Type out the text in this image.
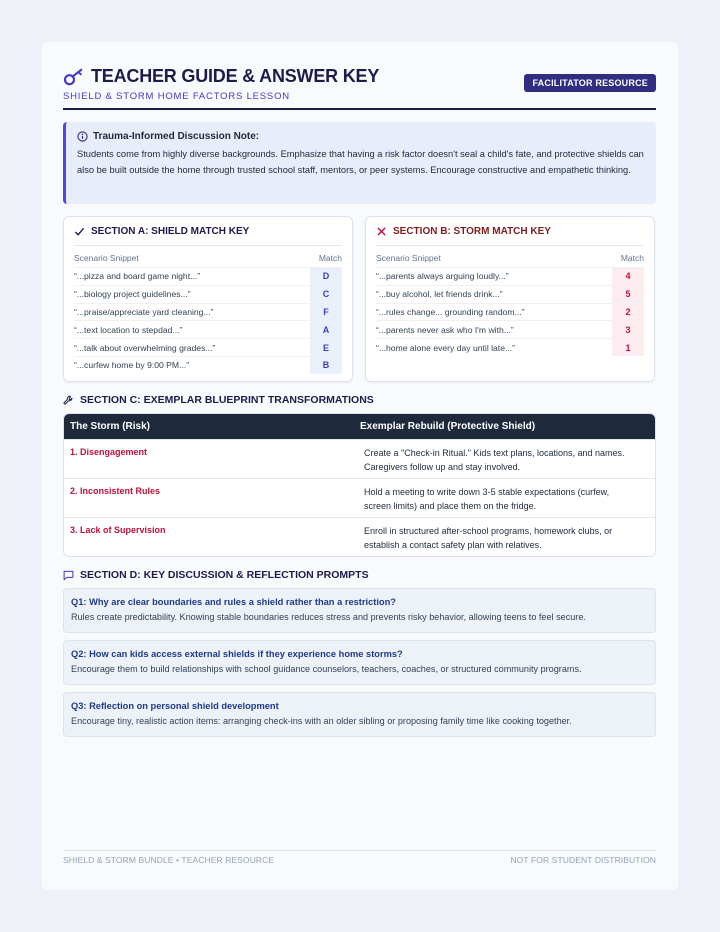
TEACHER GUIDE & ANSWER KEY
SHIELD & STORM HOME FACTORS LESSON
FACILITATOR RESOURCE
Trauma-Informed Discussion Note:
Students come from highly diverse backgrounds. Emphasize that having a risk factor doesn't seal a child's fate, and protective shields can also be built outside the home through trusted school staff, mentors, or peer systems. Encourage constructive and empathetic thinking.
SECTION A: SHIELD MATCH KEY
Scenario Snippet	Match
“...pizza and board game night...”	D
“...biology project guidelines...”	C
“...praise/appreciate yard cleaning...”	F
“...text location to stepdad...”	A
“...talk about overwhelming grades...”	E
“...curfew home by 9:00 PM...”	B
SECTION B: STORM MATCH KEY
Scenario Snippet	Match
“...parents always arguing loudly...”	4
“...buy alcohol, let friends drink...”	5
“...rules change... grounding random...”	2
“...parents never ask who I'm with...”	3
“...home alone every day until late...”	1
SECTION C: EXEMPLAR BLUEPRINT TRANSFORMATIONS
The Storm (Risk)	Exemplar Rebuild (Protective Shield)
1. Disengagement	Create a "Check-in Ritual." Kids text plans, locations, and names. Caregivers follow up and stay involved.
2. Inconsistent Rules	Hold a meeting to write down 3-5 stable expectations (curfew, screen limits) and place them on the fridge.
3. Lack of Supervision	Enroll in structured after-school programs, homework clubs, or establish a contact safety plan with relatives.
SECTION D: KEY DISCUSSION & REFLECTION PROMPTS
Q1: Why are clear boundaries and rules a shield rather than a restriction?
Rules create predictability. Knowing stable boundaries reduces stress and prevents risky behavior, allowing teens to feel secure.
Q2: How can kids access external shields if they experience home storms?
Encourage them to build relationships with school guidance counselors, teachers, coaches, or structured community programs.
Q3: Reflection on personal shield development
Encourage tiny, realistic action items: arranging check-ins with an older sibling or proposing family time like cooking together.
SHIELD & STORM BUNDLE • TEACHER RESOURCE	NOT FOR STUDENT DISTRIBUTION
